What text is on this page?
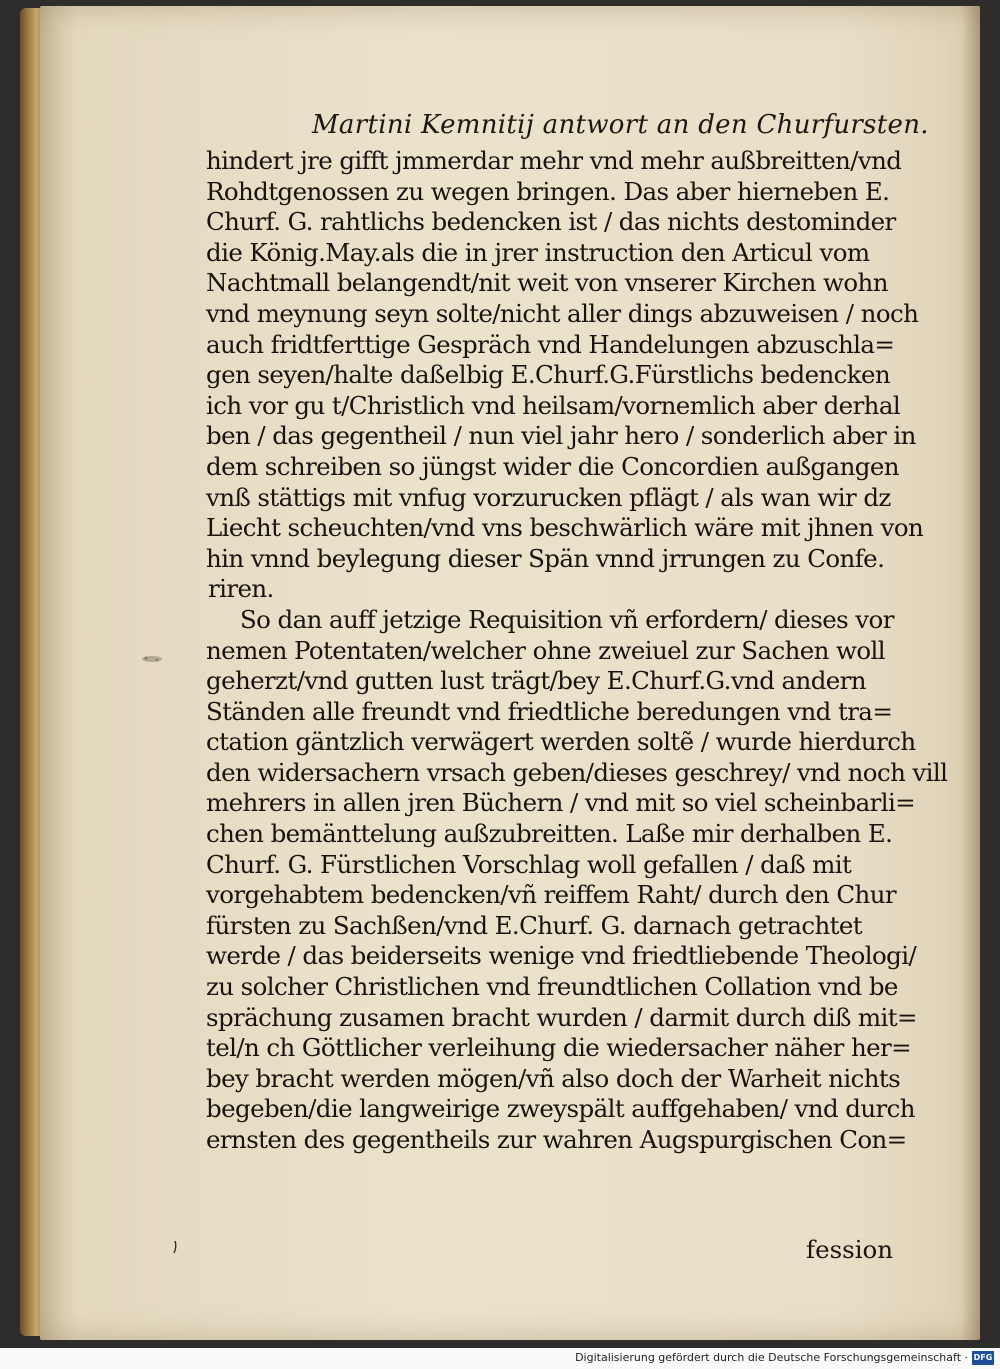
Martini Kemnitij antwort an den Churfursten.
hindert jre gifft jmmerdar mehr vnd mehr außbreitten/vnd
Rohdtgenossen zu wegen bringen. Das aber hierneben E.
Churf. G. rahtlichs bedencken ist / das nichts destominder
die König.May.als die in jrer instruction den Articul vom
Nachtmall belangendt/nit weit von vnserer Kirchen wohn
vnd meynung seyn solte/nicht aller dings abzuweisen / noch
auch fridtferttige Gespräch vnd Handelungen abzuschla=
gen seyen/halte daßelbig E.Churf.G.Fürstlichs bedencken
ich vor gu t/Christlich vnd heilsam/vornemlich aber derhal
ben / das gegentheil / nun viel jahr hero / sonderlich aber in
dem schreiben so jüngst wider die Concordien außgangen
vnß stättigs mit vnfug vorzurucken pflägt / als wan wir dz
Liecht scheuchten/vnd vns beschwärlich wäre mit jhnen von
hin vnnd beylegung dieser Spän vnnd jrrungen zu Confe.
riren.
So dan auff jetzige Requisition vñ erfordern/ dieses vor
nemen Potentaten/welcher ohne zweiuel zur Sachen woll
geherzt/vnd gutten lust trägt/bey E.Churf.G.vnd andern
Ständen alle freundt vnd friedtliche beredungen vnd tra=
ctation gäntzlich verwägert werden soltẽ / wurde hierdurch
den widersachern vrsach geben/dieses geschrey/ vnd noch vill
mehrers in allen jren Büchern / vnd mit so viel scheinbarli=
chen bemänttelung außzubreitten. Laße mir derhalben E.
Churf. G. Fürstlichen Vorschlag woll gefallen / daß mit
vorgehabtem bedencken/vñ reiffem Raht/ durch den Chur
fürsten zu Sachßen/vnd E.Churf. G. darnach getrachtet
werde / das beiderseits wenige vnd friedtliebende Theologi/
zu solcher Christlichen vnd freundtlichen Collation vnd be
sprächung zusamen bracht wurden / darmit durch diß mit=
tel/n ch Göttlicher verleihung die wiedersacher näher her=
bey bracht werden mögen/vñ also doch der Warheit nichts
begeben/die langweirige zweyspält auffgehaben/ vnd durch
ernsten des gegentheils zur wahren Augspurgischen Con=
fession
Digitalisierung gefördert durch die Deutsche Forschungsgemeinschaft · DFG
